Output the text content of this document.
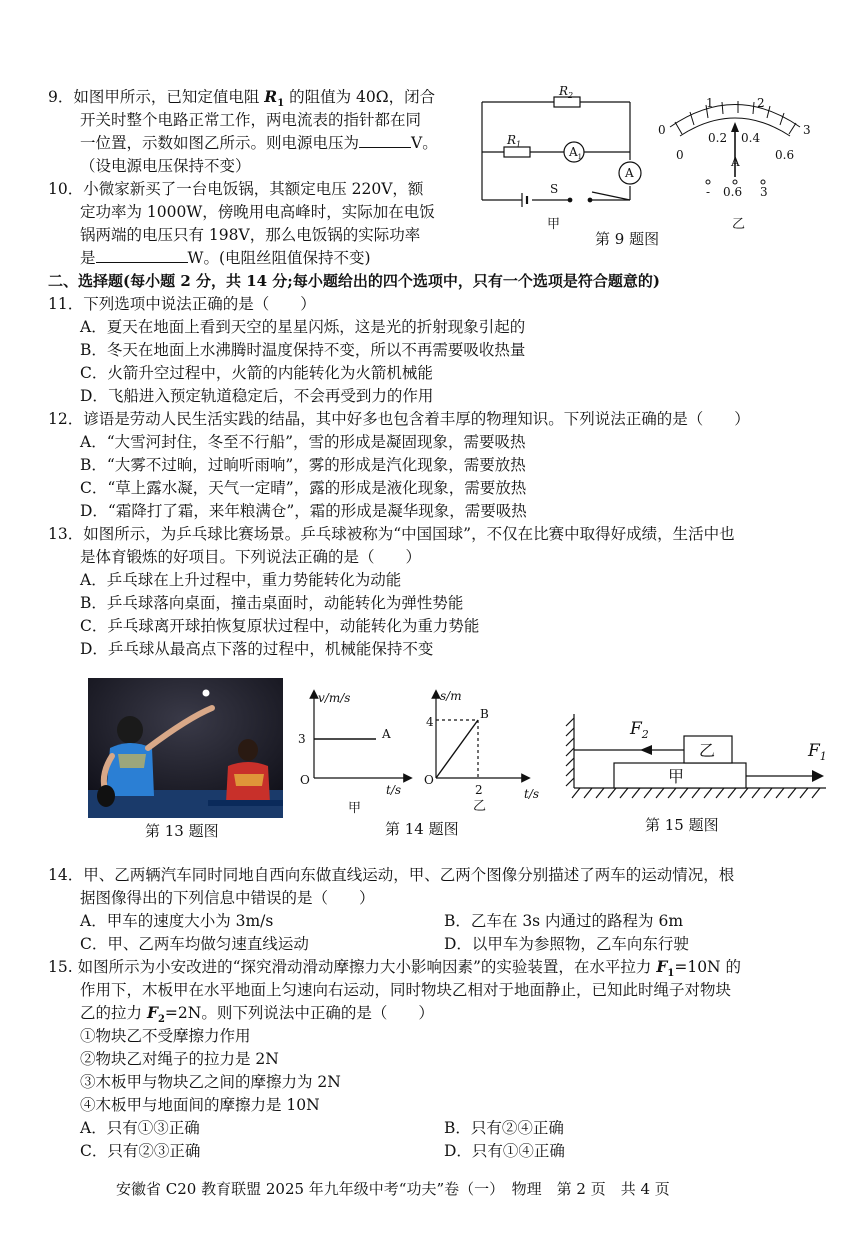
9．如图甲所示，已知定值电阻 $R_1$ 的阻值为 40Ω，闭合
开关时整个电路正常工作，两电流表的指针都在同
一位置，示数如图乙所示。则电源电压为	V。
（设电源电压保持不变）
10．小微家新买了一台电饭锅，其额定电压 220V，额
定功率为 1000W，傍晚用电高峰时，实际加在电饭
锅两端的电压只有 198V，那么电饭锅的实际功率
是	W。(电阻丝阻值保持不变)
$R_2$
$R_1$
$A_1$
A
S
甲
第 9 题图
乙
0
1	2
3
0
0.2 0.4
0.6
A
- 0.6 3
二、选择题(每小题 2 分，共 14 分;每小题给出的四个选项中，只有一个选项是符合题意的)
11．下列选项中说法正确的是（　　）
A．夏天在地面上看到天空的星星闪烁，这是光的折射现象引起的
B．冬天在地面上水沸腾时温度保持不变，所以不再需要吸收热量
C．火箭升空过程中，火箭的内能转化为火箭机械能
D．飞船进入预定轨道稳定后，不会再受到力的作用
12．谚语是劳动人民生活实践的结晶，其中好多也包含着丰厚的物理知识。下列说法正确的是（　　）
A．“大雪河封住，冬至不行船”，雪的形成是凝固现象，需要吸热
B．“大雾不过晌，过晌听雨响”，雾的形成是汽化现象，需要放热
C．“草上露水凝，天气一定晴”，露的形成是液化现象，需要放热
D．“霜降打了霜，来年粮满仓”，霜的形成是凝华现象，需要吸热
13．如图所示，为乒乓球比赛场景。乒乓球被称为“中国国球”，不仅在比赛中取得好成绩，生活中也
是体育锻炼的好项目。下列说法正确的是（　　）
A．乒乓球在上升过程中，重力势能转化为动能
B．乒乓球落向桌面，撞击桌面时，动能转化为弹性势能
C．乒乓球离开球拍恢复原状过程中，动能转化为重力势能
D．乒乓球从最高点下落的过程中，机械能保持不变
第 13 题图
v/m/s
t/s
O
3	A
甲
s/m
t/s
O
4
2
B
乙
第 14 题图
$F_2$
$F_1$
甲
乙
第 15 题图
14．甲、乙两辆汽车同时同地自西向东做直线运动，甲、乙两个图像分别描述了两车的运动情况，根
据图像得出的下列信息中错误的是（　　）
A．甲车的速度大小为 3m/s	B．乙车在 3s 内通过的路程为 6m
C．甲、乙两车均做匀速直线运动	D．以甲车为参照物，乙车向东行驶
15. 如图所示为小安改进的“探究滑动滑动摩擦力大小影响因素”的实验装置，在水平拉力 $F_1=10N$ 的
作用下，木板甲在水平地面上匀速向右运动，同时物块乙相对于地面静止，已知此时绳子对物块
乙的拉力 $F_2=2N$。则下列说法中正确的是（　　）
①物块乙不受摩擦力作用
②物块乙对绳子的拉力是 2N
③木板甲与物块乙之间的摩擦力为 2N
④木板甲与地面间的摩擦力是 10N
A．只有①③正确	B．只有②④正确
C．只有②③正确	D．只有①④正确
安徽省 C20 教育联盟 2025 年九年级中考“功夫”卷（一）　物理　第 2 页　共 4 页
